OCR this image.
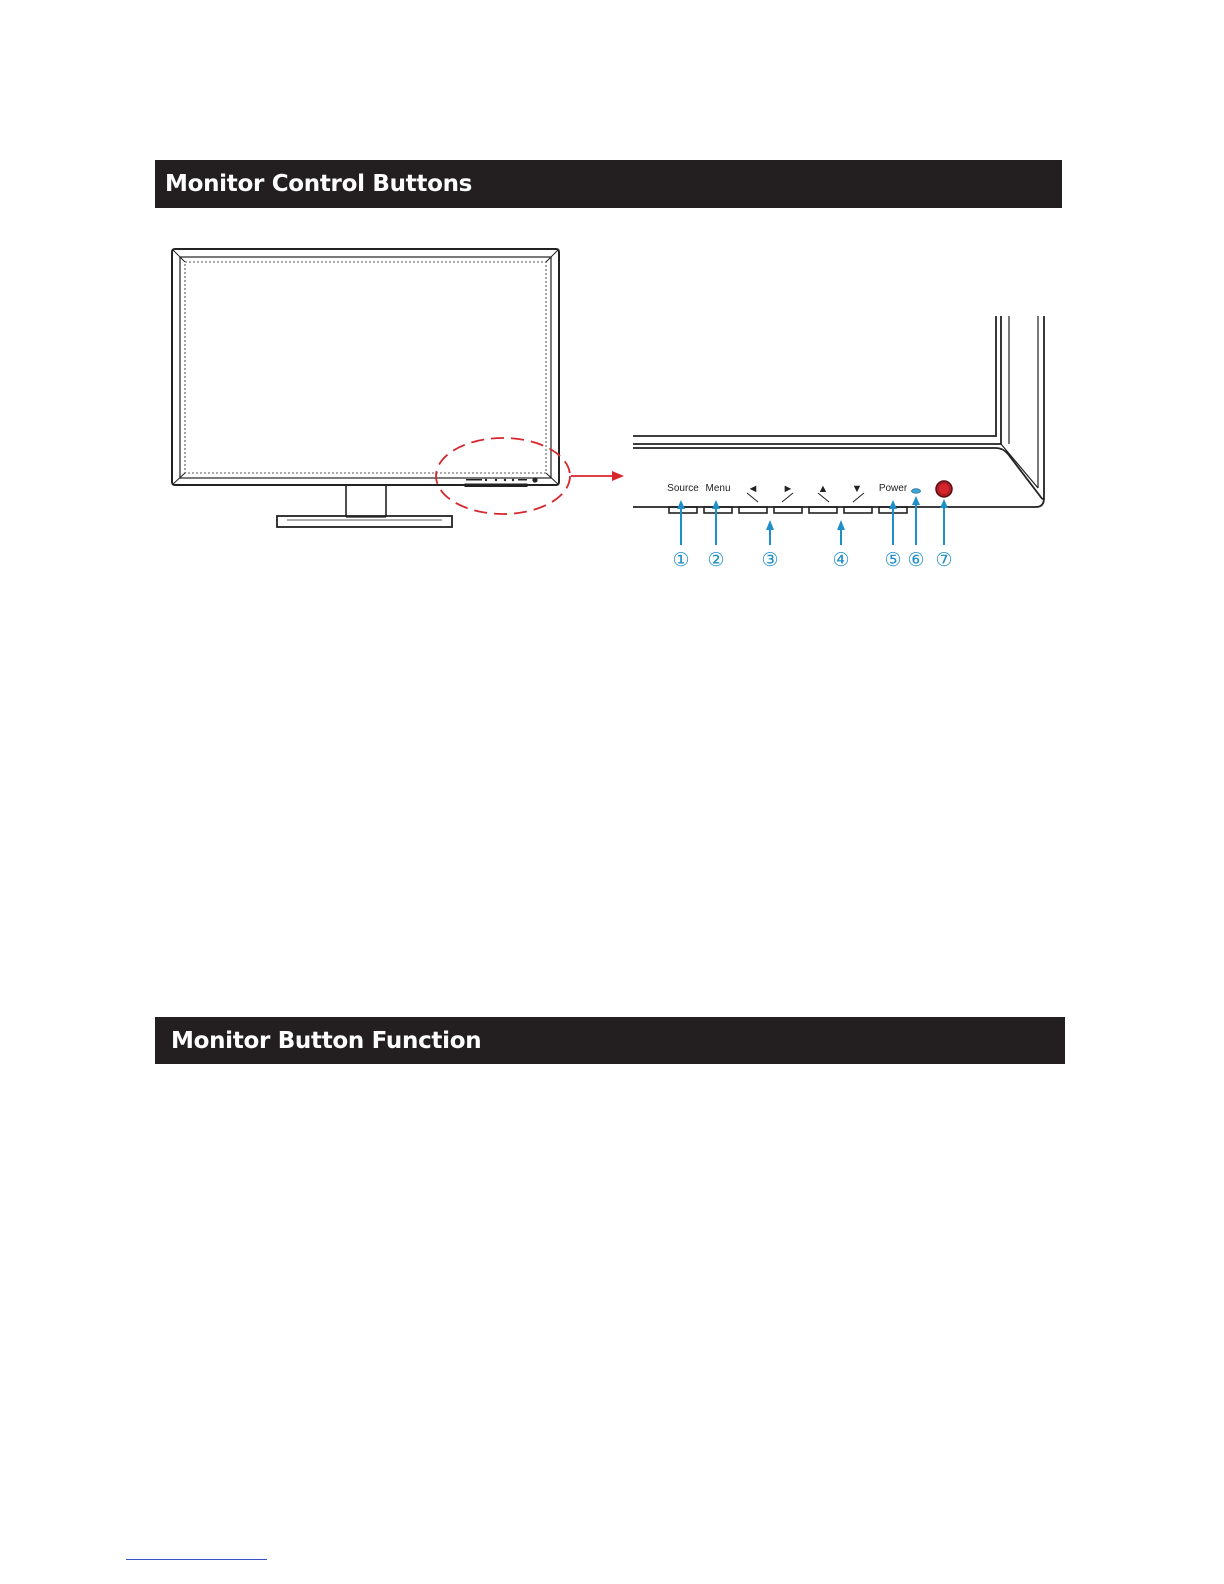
Monitor Control Buttons
Source Menu ◄ ► ▲ ▼ Power
① ② ③	④ ⑤ ⑥ ⑦
Monitor Button Function
